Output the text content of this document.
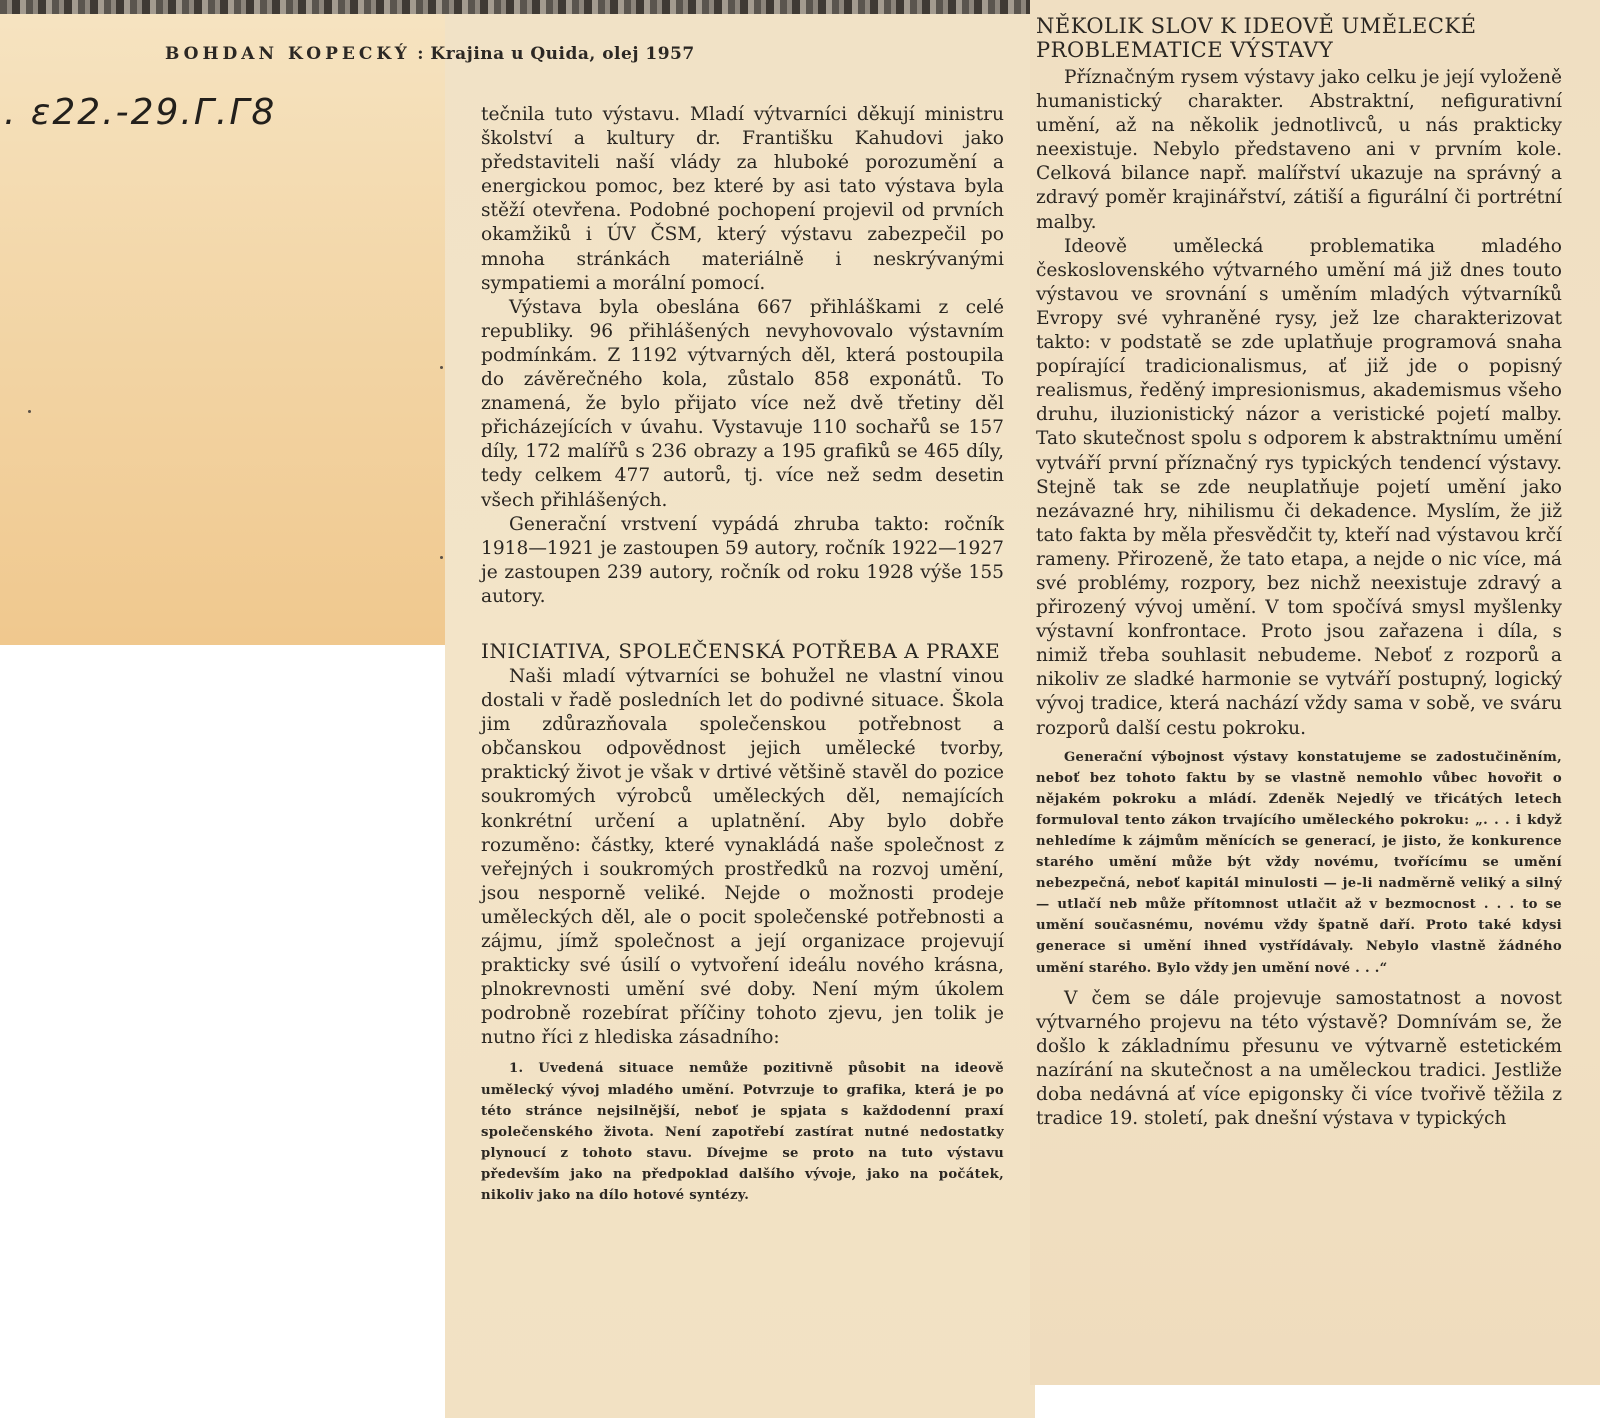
BOHDAN KOPECKÝ : Krajina u Quida, olej 1957
. ε22.-29.Γ.Γ8	tečnila tuto výstavu. Mladí výtvarníci děkují ministru školství a kultury dr. Františku Kahudovi jako představiteli naší vlády za hluboké porozumění a energickou pomoc, bez které by asi tato výstava byla stěží otevřena. Podobné pochopení projevil od prvních okamžiků i ÚV ČSM, který výstavu zabezpečil po mnoha stránkách materiálně i neskrývanými sympatiemi a morální pomocí.

Výstava byla obeslána 667 přihláškami z celé republiky. 96 přihlášených nevyhovovalo výstavním podmínkám. Z 1192 výtvarných děl, která postoupila do závěrečného kola, zůstalo 858 exponátů. To znamená, že bylo přijato více než dvě třetiny děl přicházejících v úvahu. Vystavuje 110 sochařů se 157 díly, 172 malířů s 236 obrazy a 195 grafiků se 465 díly, tedy celkem 477 autorů, tj. více než sedm desetin všech přihlášených.

Generační vrstvení vypádá zhruba takto: ročník 1918—1921 je zastoupen 59 autory, ročník 1922—1927 je zastoupen 239 autory, ročník od roku 1928 výše 155 autory.

INICIATIVA, SPOLEČENSKÁ POTŘEBA A PRAXE

Naši mladí výtvarníci se bohužel ne vlastní vinou dostali v řadě posledních let do podivné situace. Škola jim zdůrazňovala společenskou potřebnost a občanskou odpovědnost jejich umělecké tvorby, praktický život je však v drtivé většině stavěl do pozice soukromých výrobců uměleckých děl, nemajících konkrétní určení a uplatnění. Aby bylo dobře rozuměno: částky, které vynakládá naše společnost z veřejných i soukromých prostředků na rozvoj umění, jsou nesporně veliké. Nejde o možnosti prodeje uměleckých děl, ale o pocit společenské potřebnosti a zájmu, jímž společnost a její organizace projevují prakticky své úsilí o vytvoření ideálu nového krásna, plnokrevnosti umění své doby. Není mým úkolem podrobně rozebírat příčiny tohoto zjevu, jen tolik je nutno říci z hlediska zásadního:

1. Uvedená situace nemůže pozitivně působit na ideově umělecký vývoj mladého umění. Potvrzuje to grafika, která je po této stránce nejsilnější, neboť je spjata s každodenní praxí společenského života. Není zapotřebí zastírat nutné nedostatky plynoucí z tohoto stavu. Dívejme se proto na tuto výstavu především jako na předpoklad dalšího vývoje, jako na počátek, nikoliv jako na dílo hotové syntézy.

NĚKOLIK SLOV K IDEOVĚ UMĚLECKÉ PROBLEMATICE VÝSTAVY

Příznačným rysem výstavy jako celku je její vyloženě humanistický charakter. Abstraktní, nefigurativní umění, až na několik jednotlivců, u nás prakticky neexistuje. Nebylo představeno ani v prvním kole. Celková bilance např. malířství ukazuje na správný a zdravý poměr krajinářství, zátiší a figurální či portrétní malby.

Ideově umělecká problematika mladého československého výtvarného umění má již dnes touto výstavou ve srovnání s uměním mladých výtvarníků Evropy své vyhraněné rysy, jež lze charakterizovat takto: v podstatě se zde uplatňuje programová snaha popírající tradicionalismus, ať již jde o popisný realismus, ředěný impresionismus, akademismus všeho druhu, iluzionistický názor a veristické pojetí malby. Tato skutečnost spolu s odporem k abstraktnímu umění vytváří první příznačný rys typických tendencí výstavy. Stejně tak se zde neuplatňuje pojetí umění jako nezávazné hry, nihilismu či dekadence. Myslím, že již tato fakta by měla přesvědčit ty, kteří nad výstavou krčí rameny. Přirozeně, že tato etapa, a nejde o nic více, má své problémy, rozpory, bez nichž neexistuje zdravý a přirozený vývoj umění. V tom spočívá smysl myšlenky výstavní konfrontace. Proto jsou zařazena i díla, s nimiž třeba souhlasit nebudeme. Neboť z rozporů a nikoliv ze sladké harmonie se vytváří postupný, logický vývoj tradice, která nachází vždy sama v sobě, ve sváru rozporů další cestu pokroku.

Generační výbojnost výstavy konstatujeme se zadostučiněním, neboť bez tohoto faktu by se vlastně nemohlo vůbec hovořit o nějakém pokroku a mládí. Zdeněk Nejedlý ve třicátých letech formuloval tento zákon trvajícího uměleckého pokroku: „. . . i když nehledíme k zájmům měnících se generací, je jisto, že konkurence starého umění může být vždy novému, tvořícímu se umění nebezpečná, neboť kapitál minulosti — je-li nadměrně veliký a silný — utlačí neb může přítomnost utlačit až v bezmocnost . . . to se umění současnému, novému vždy špatně daří. Proto také kdysi generace si umění ihned vystřídávaly. Nebylo vlastně žádného umění starého. Bylo vždy jen umění nové . . .“

V čem se dále projevuje samostatnost a novost výtvarného projevu na této výstavě? Domnívám se, že došlo k základnímu přesunu ve výtvarně estetickém nazírání na skutečnost a na uměleckou tradici. Jestliže doba nedávná ať více epigonsky či více tvořivě těžila z tradice 19. století, pak dnešní výstava v typických
